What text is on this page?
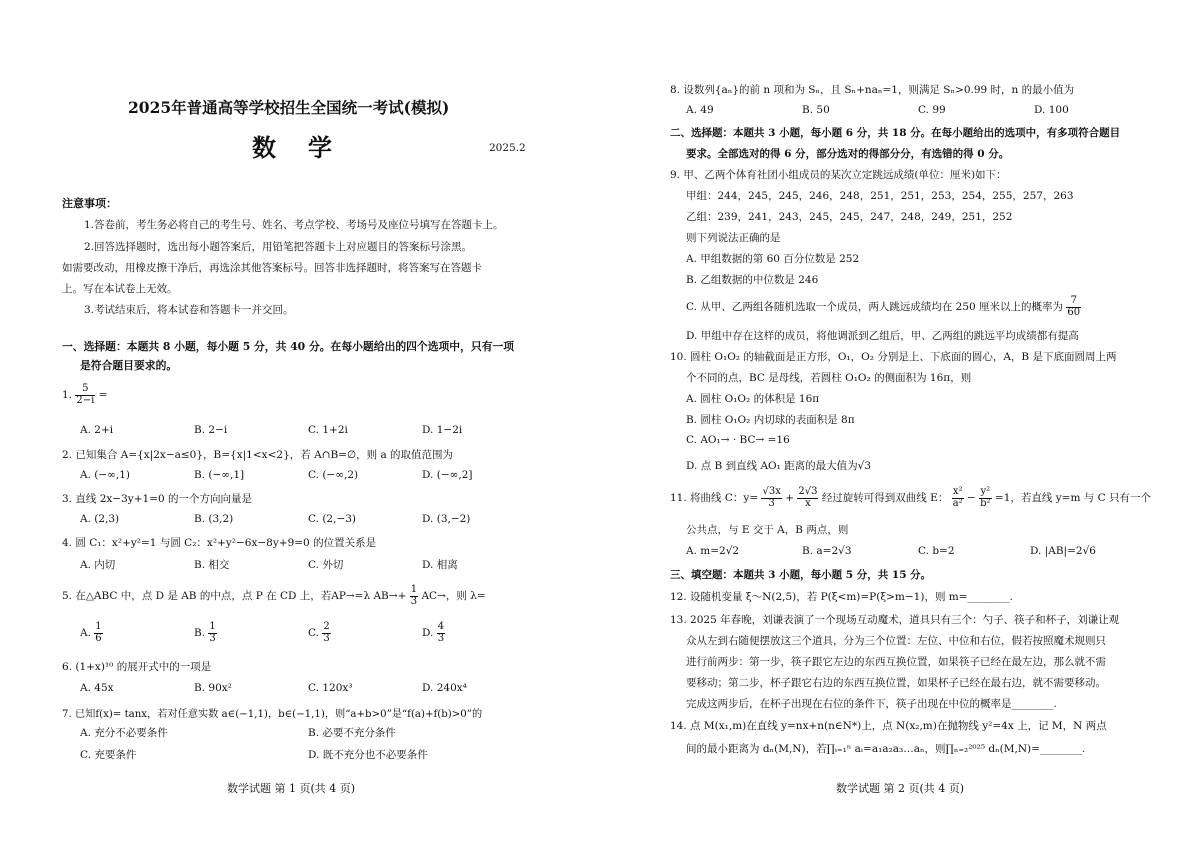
2025年普通高等学校招生全国统一考试(模拟)
数　学	2025.2
注意事项：
1.答卷前，考生务必将自己的考生号、姓名、考点学校、考场号及座位号填写在答题卡上。
2.回答选择题时，选出每小题答案后，用铅笔把答题卡上对应题目的答案标号涂黑。
如需要改动，用橡皮擦干净后，再选涂其他答案标号。回答非选择题时，将答案写在答题卡
上。写在本试卷上无效。
3.考试结束后，将本试卷和答题卡一并交回。
一、选择题：本题共 8 小题，每小题 5 分，共 40 分。在每小题给出的四个选项中，只有一项
是符合题目要求的。
1. $\frac{5}{2-i}$ =
A. 2+i	B. 2−i	C. 1+2i	D. 1−2i
2. 已知集合 A={x|2x−a≤0}，B={x|1<x<2}，若 A∩B=∅，则 a 的取值范围为
A. (−∞,1)	B. (−∞,1]	C. (−∞,2)	D. (−∞,2]
3. 直线 2x−3y+1=0 的一个方向向量是
A. (2,3)	B. (3,2)	C. (2,−3)	D. (3,−2)
4. 圆 C₁：x²+y²=1 与圆 C₂：x²+y²−6x−8y+9=0 的位置关系是
A. 内切	B. 相交	C. 外切	D. 相离
5. 在△ABC 中，点 D 是 AB 的中点，点 P 在 CD 上，若AP→=λ $AB\to+ \frac{1}{3} AC\to$，则 λ=
A. $\frac{1}{6}$	B. $\frac{1}{3}$	C. $\frac{2}{3}$	D. $\frac{4}{3}$
6. (1+x)¹⁰ 的展开式中的一项是
A. 45x	B. 90x²	C. 120x³	D. 240x⁴
7. 已知f(x)= tanx，若对任意实数 a∈(−1,1)，b∈(−1,1)，则“a+b>0”是“f(a)+f(b)>0”的
A. 充分不必要条件	B. 必要不充分条件
C. 充要条件	D. 既不充分也不必要条件
数学试题 第 1 页(共 4 页)
8. 设数列{aₙ}的前 n 项和为 Sₙ，且 Sₙ+naₙ=1，则满足 Sₙ>0.99 时，n 的最小值为
A. 49	B. 50	C. 99	D. 100
二、选择题：本题共 3 小题，每小题 6 分，共 18 分。在每小题给出的选项中，有多项符合题目
要求。全部选对的得 6 分，部分选对的得部分分，有选错的得 0 分。
9. 甲、乙两个体育社团小组成员的某次立定跳远成绩(单位：厘米)如下：
甲组：244，245，245，246，248，251，251，253，254，255，257，263
乙组：239，241，243，245，245，247，248，249，251，252
则下列说法正确的是
A. 甲组数据的第 60 百分位数是 252
B. 乙组数据的中位数是 246
C. 从甲、乙两组各随机选取一个成员，两人跳远成绩均在 250 厘米以上的概率为 $\frac{7}{60}$
D. 甲组中存在这样的成员，将他调派到乙组后，甲、乙两组的跳远平均成绩都有提高
10. 圆柱 O₁O₂ 的轴截面是正方形，O₁，O₂ 分别是上、下底面的圆心，A，B 是下底面圆周上两
个不同的点，BC 是母线，若圆柱 O₁O₂ 的侧面积为 16π，则
A. 圆柱 O₁O₂ 的体积是 16π
B. 圆柱 O₁O₂ 内切球的表面积是 8π
C. AO₁→ · BC→ =16
D. 点 B 到直线 AO₁ 距离的最大值为√3
11. 将曲线 C：$y= \frac{√3x}{3} + \frac{2√3}{x}$ 经过旋转可得到双曲线 E： $\frac{\text{x²}}{\text{a²}} - \frac{\text{y²}}{\text{b²}} =1$，若直线 y=m 与 C 只有一个
公共点，与 E 交于 A，B 两点，则
A. m=2√2	B. a=2√3	C. b=2	D. |AB|=2√6
三、填空题：本题共 3 小题，每小题 5 分，共 15 分。
12. 设随机变量 ξ～N(2,5)，若 P(ξ<m)=P(ξ>m−1)，则 m=________.
13. 2025 年春晚，刘谦表演了一个现场互动魔术，道具只有三个：勺子、筷子和杯子，刘谦让观
众从左到右随便摆放这三个道具，分为三个位置：左位、中位和右位，假若按照魔术规则只
进行前两步：第一步，筷子跟它左边的东西互换位置，如果筷子已经在最左边，那么就不需
要移动；第二步，杯子跟它右边的东西互换位置，如果杯子已经在最右边，就不需要移动。
完成这两步后，在杯子出现在右位的条件下，筷子出现在中位的概率是________.
14. 点 M(x₁,m)在直线 y=nx+n(n∈N*)上，点 N(x₂,m)在抛物线 y²=4x 上，记 M，N 两点
间的最小距离为 dₙ(M,N)，若∏ᵢ₌₁ⁿ aᵢ=a₁a₂a₃…aₙ，则∏ₙ₌₂²⁰²⁵ dₙ(M,N)=________.
数学试题 第 2 页(共 4 页)
